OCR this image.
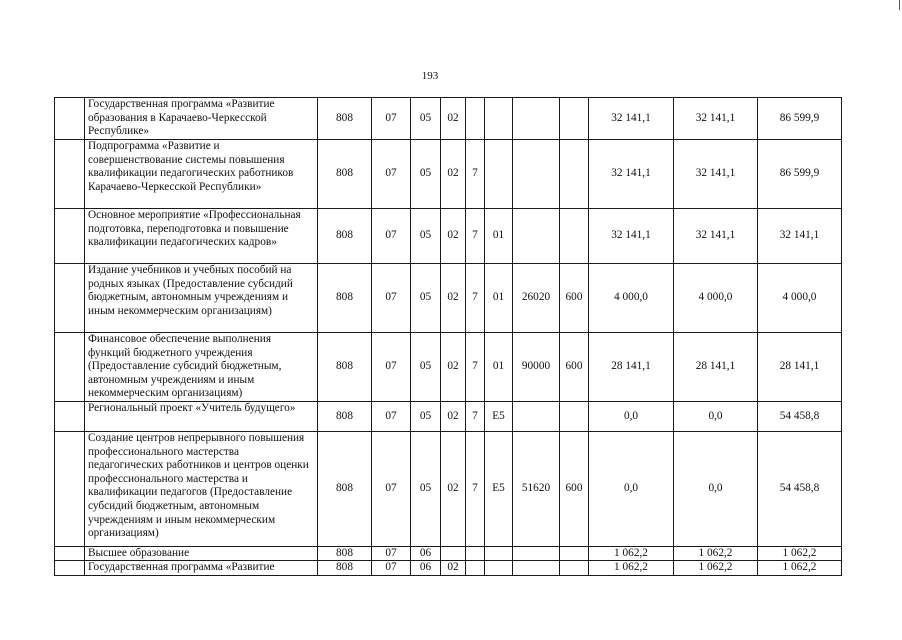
193
	Государственная программа «Развитие образования в Карачаево-Черкесской Республике»	808	07	05	02					32 141,1	32 141,1	86 599,9
	Подпрограмма «Развитие и совершенствование системы повышения квалификации педагогических работников Карачаево-Черкесской Республики»	808	07	05	02	7				32 141,1	32 141,1	86 599,9
	Основное мероприятие «Профессиональная подготовка, переподготовка и повышение квалификации педагогических кадров»	808	07	05	02	7	01			32 141,1	32 141,1	32 141,1
	Издание учебников и учебных пособий на родных языках (Предоставление субсидий бюджетным, автономным учреждениям и иным некоммерческим организациям)	808	07	05	02	7	01	26020	600	4 000,0	4 000,0	4 000,0
	Финансовое обеспечение выполнения функций бюджетного учреждения (Предоставление субсидий бюджетным, автономным учреждениям и иным некоммерческим организациям)	808	07	05	02	7	01	90000	600	28 141,1	28 141,1	28 141,1
	Региональный проект «Учитель будущего»	808	07	05	02	7	E5			0,0	0,0	54 458,8
	Создание центров непрерывного повышения профессионального мастерства педагогических работников и центров оценки профессионального мастерства и квалификации педагогов (Предоставление субсидий бюджетным, автономным учреждениям и иным некоммерческим организациям)	808	07	05	02	7	E5	51620	600	0,0	0,0	54 458,8
	Высшее образование	808	07	06						1 062,2	1 062,2	1 062,2
	Государственная программа «Развитие	808	07	06	02					1 062,2	1 062,2	1 062,2
